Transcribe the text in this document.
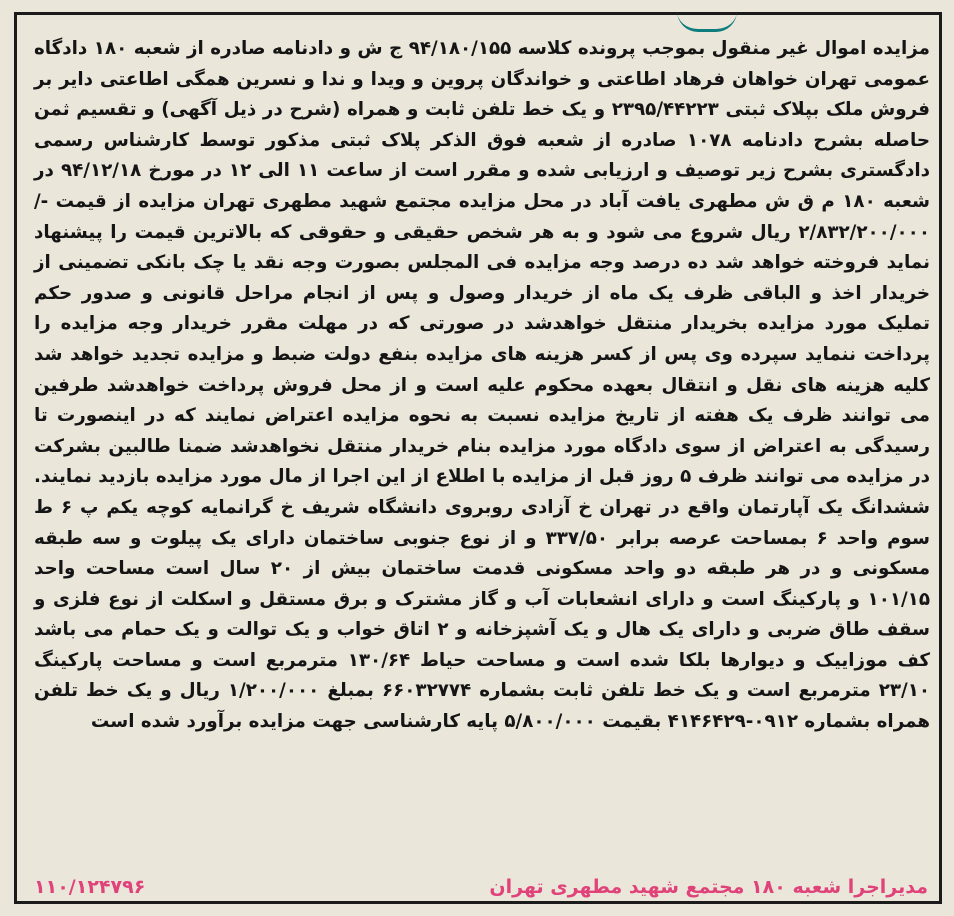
مزایده اموال غیر منقول بموجب پرونده کلاسه ۹۴/۱۸۰/۱۵۵ ج ش و دادنامه صادره از شعبه ۱۸۰ دادگاه عمومی تهران خواهان فرهاد اطاعتی و خواندگان پروین و ویدا و ندا و نسرین همگی اطاعتی دایر بر فروش ملک بپلاک ثبتی ۲۳۹۵/۴۴۲۲۳ و یک خط تلفن ثابت و همراه (شرح در ذیل آگهی) و تقسیم ثمن حاصله بشرح دادنامه ۱۰۷۸ صادره از شعبه فوق الذکر پلاک ثبتی مذکور توسط کارشناس رسمی دادگستری بشرح زیر توصیف و ارزیابی شده و مقرر است از ساعت ۱۱ الی ۱۲ در مورخ ۹۴/۱۲/۱۸ در شعبه ۱۸۰ م ق ش مطهری یافت آباد در محل مزایده مجتمع شهید مطهری تهران مزایده از قیمت -/۲/۸۳۲/۲۰۰/۰۰۰ ریال شروع می شود و به هر شخص حقیقی و حقوقی که بالاترین قیمت را پیشنهاد نماید فروخته خواهد شد ده درصد وجه مزایده فی المجلس بصورت وجه نقد یا چک بانکی تضمینی از خریدار اخذ و الباقی ظرف یک ماه از خریدار وصول و پس از انجام مراحل قانونی و صدور حکم تملیک مورد مزایده بخریدار منتقل خواهدشد در صورتی که در مهلت مقرر خریدار وجه مزایده را پرداخت ننماید سپرده وی پس از کسر هزینه های مزایده بنفع دولت ضبط و مزایده تجدید خواهد شد کلیه هزینه های نقل و انتقال بعهده محکوم علیه است و از محل فروش پرداخت خواهدشد طرفین می توانند ظرف یک هفته از تاریخ مزایده نسبت به نحوه مزایده اعتراض نمایند که در اینصورت تا رسیدگی به اعتراض از سوی دادگاه مورد مزایده بنام خریدار منتقل نخواهدشد ضمنا طالبین بشرکت در مزایده می توانند ظرف ۵ روز قبل از مزایده با اطلاع از این اجرا از مال مورد مزایده بازدید نمایند. ششدانگ یک آپارتمان واقع در تهران خ آزادی روبروی دانشگاه شریف خ گرانمایه کوچه یکم پ ۶ ط سوم واحد ۶ بمساحت عرصه برابر ۳۳۷/۵۰ و از نوع جنوبی ساختمان دارای یک پیلوت و سه طبقه مسکونی و در هر طبقه دو واحد مسکونی قدمت ساختمان بیش از ۲۰ سال است مساحت واحد ۱۰۱/۱۵ و پارکینگ است و دارای انشعابات آب و گاز مشترک و برق مستقل و اسکلت از نوع فلزی و سقف طاق ضربی و دارای یک هال و یک آشپزخانه و ۲ اتاق خواب و یک توالت و یک حمام می باشد کف موزاییک و دیوارها بلکا شده است و مساحت حیاط ۱۳۰/۶۴ مترمربع است و مساحت پارکینگ ۲۳/۱۰ مترمربع است و یک خط تلفن ثابت بشماره ۶۶۰۳۲۷۷۴ بمبلغ ۱/۲۰۰/۰۰۰ ریال و یک خط تلفن همراه بشماره ۰۹۱۲-۴۱۴۶۴۲۹ بقیمت ۵/۸۰۰/۰۰۰ پایه کارشناسی جهت مزایده برآورد شده است

مدیراجرا شعبه ۱۸۰ مجتمع شهید مطهری تهران
۱۱۰/۱۲۴۷۹۶
